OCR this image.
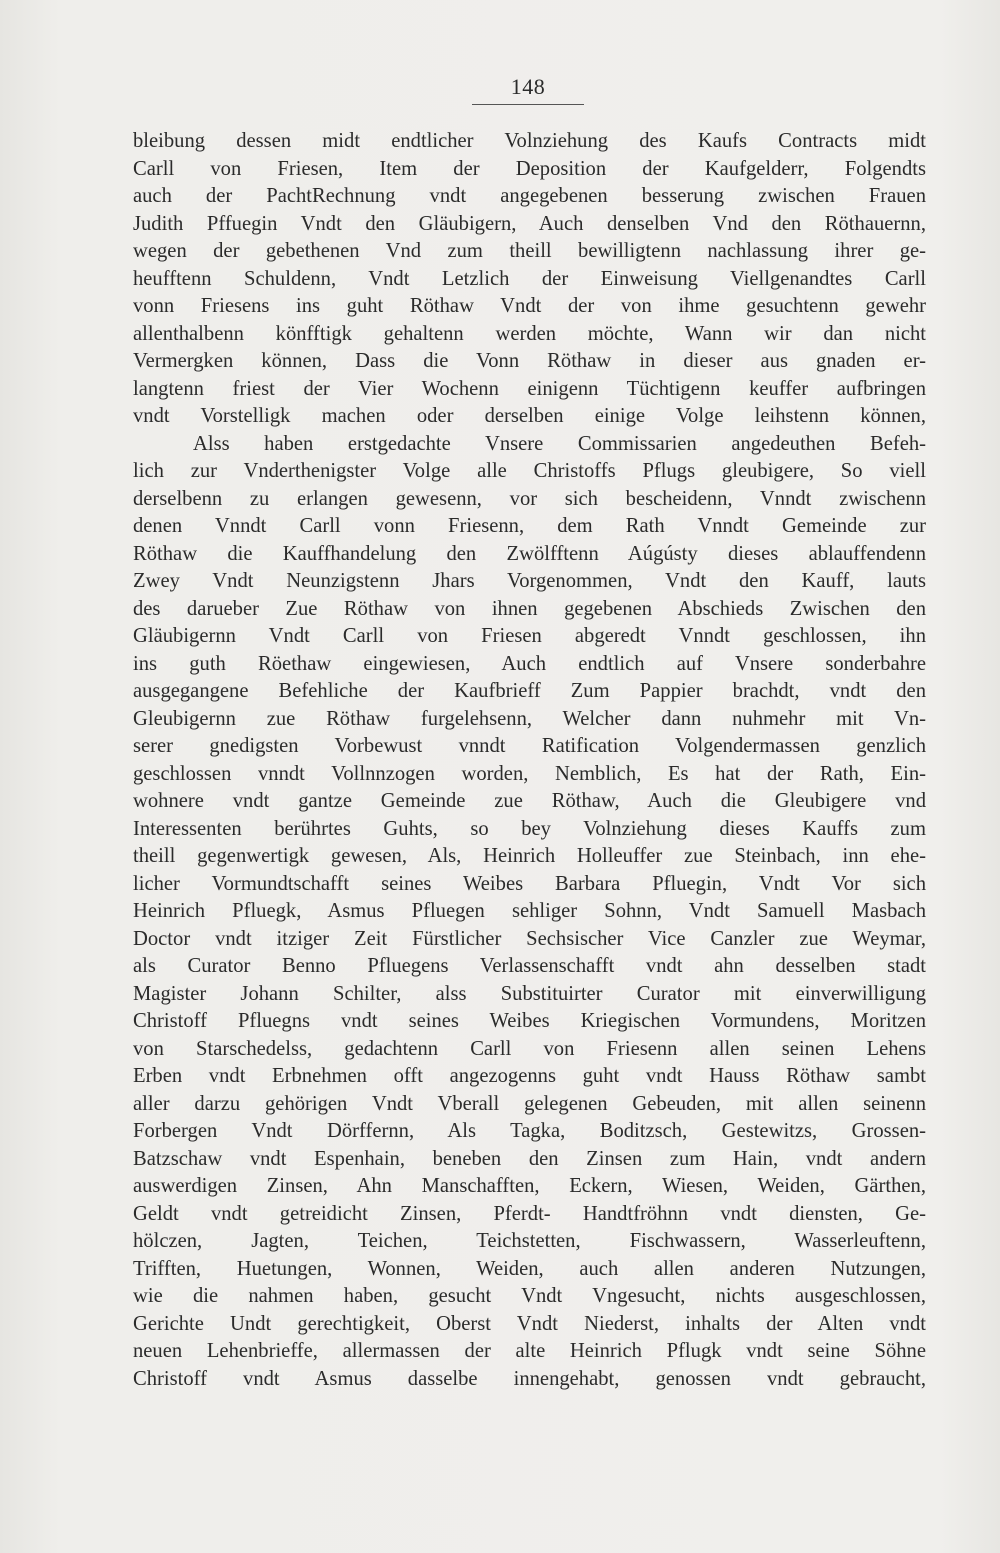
148
bleibung dessen midt endtlicher Volnziehung des Kaufs Contracts midt
Carll von Friesen, Item der Deposition der Kaufgelderr, Folgendts
auch der PachtRechnung vndt angegebenen besserung zwischen Frauen
Judith Pffuegin Vndt den Gläubigern, Auch denselben Vnd den Röthauernn,
wegen der gebethenen Vnd zum theill bewilligtenn nachlassung ihrer ge-
heufftenn Schuldenn, Vndt Letzlich der Einweisung Viellgenandtes Carll
vonn Friesens ins guht Röthaw Vndt der von ihme gesuchtenn gewehr
allenthalbenn könfftigk gehaltenn werden möchte, Wann wir dan nicht
Vermergken können, Dass die Vonn Röthaw in dieser aus gnaden er-
langtenn friest der Vier Wochenn einigenn Tüchtigenn keuffer aufbringen
vndt Vorstelligk machen oder derselben einige Volge leihstenn können,
Alss haben erstgedachte Vnsere Commissarien angedeuthen Befeh-
lich zur Vnderthenigster Volge alle Christoffs Pflugs gleubigere, So viell
derselbenn zu erlangen gewesenn, vor sich bescheidenn, Vnndt zwischenn
denen Vnndt Carll vonn Friesenn, dem Rath Vnndt Gemeinde zur
Röthaw die Kauffhandelung den Zwölfftenn Aúgústy dieses ablauffendenn
Zwey Vndt Neunzigstenn Jhars Vorgenommen, Vndt den Kauff, lauts
des darueber Zue Röthaw von ihnen gegebenen Abschieds Zwischen den
Gläubigernn Vndt Carll von Friesen abgeredt Vnndt geschlossen, ihn
ins guth Röethaw eingewiesen, Auch endtlich auf Vnsere sonderbahre
ausgegangene Befehliche der Kaufbrieff Zum Pappier brachdt, vndt den
Gleubigernn zue Röthaw furgelehsenn, Welcher dann nuhmehr mit Vn-
serer gnedigsten Vorbewust vnndt Ratification Volgendermassen genzlich
geschlossen vnndt Vollnnzogen worden, Nemblich, Es hat der Rath, Ein-
wohnere vndt gantze Gemeinde zue Röthaw, Auch die Gleubigere vnd
Interessenten berührtes Guhts, so bey Volnziehung dieses Kauffs zum
theill gegenwertigk gewesen, Als, Heinrich Holleuffer zue Steinbach, inn ehe-
licher Vormundtschafft seines Weibes Barbara Pfluegin, Vndt Vor sich
Heinrich Pfluegk, Asmus Pfluegen sehliger Sohnn, Vndt Samuell Masbach
Doctor vndt itziger Zeit Fürstlicher Sechsischer Vice Canzler zue Weymar,
als Curator Benno Pfluegens Verlassenschafft vndt ahn desselben stadt
Magister Johann Schilter, alss Substituirter Curator mit einverwilligung
Christoff Pfluegns vndt seines Weibes Kriegischen Vormundens, Moritzen
von Starschedelss, gedachtenn Carll von Friesenn allen seinen Lehens
Erben vndt Erbnehmen offt angezogenns guht vndt Hauss Röthaw sambt
aller darzu gehörigen Vndt Vberall gelegenen Gebeuden, mit allen seinenn
Forbergen Vndt Dörffernn, Als Tagka, Boditzsch, Gestewitzs, Grossen-
Batzschaw vndt Espenhain, beneben den Zinsen zum Hain, vndt andern
auswerdigen Zinsen, Ahn Manschafften, Eckern, Wiesen, Weiden, Gärthen,
Geldt vndt getreidicht Zinsen, Pferdt- Handtfröhnn vndt diensten, Ge-
hölczen, Jagten, Teichen, Teichstetten, Fischwassern, Wasserleuftenn,
Trifften, Huetungen, Wonnen, Weiden, auch allen anderen Nutzungen,
wie die nahmen haben, gesucht Vndt Vngesucht, nichts ausgeschlossen,
Gerichte Undt gerechtigkeit, Oberst Vndt Niederst, inhalts der Alten vndt
neuen Lehenbrieffe, allermassen der alte Heinrich Pflugk vndt seine Söhne
Christoff vndt Asmus dasselbe innengehabt, genossen vndt gebraucht,
